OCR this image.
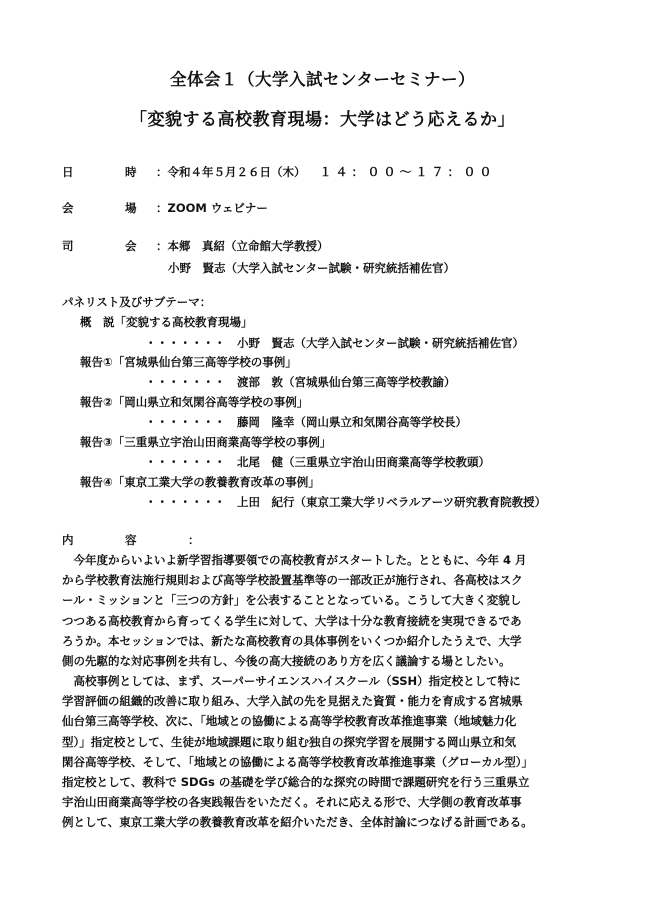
全体会１（大学入試センターセミナー）
「変貌する高校教育現場：大学はどう応えるか」
日　時：令和４年５月２６日（木） １４：００～１７：００
会　場：ZOOM ウェビナー
司　会：本郷　真紹（立命館大学教授）
小野　賢志（大学入試センター試験・研究統括補佐官）
パネリスト及びサブテーマ：
概　説「変貌する高校教育現場」
・・・・・・・　小野　賢志（大学入試センター試験・研究統括補佐官）
報告①「宮城県仙台第三高等学校の事例」
・・・・・・・　渡部　敦（宮城県仙台第三高等学校教諭）
報告②「岡山県立和気閑谷高等学校の事例」
・・・・・・・　藤岡　隆幸（岡山県立和気閑谷高等学校長）
報告③「三重県立宇治山田商業高等学校の事例」
・・・・・・・　北尾　健（三重県立宇治山田商業高等学校教頭）
報告④「東京工業大学の教養教育改革の事例」
・・・・・・・　上田　紀行（東京工業大学リベラルアーツ研究教育院教授）
内　容　：
　今年度からいよいよ新学習指導要領での高校教育がスタートした。とともに、今年 4 月
から学校教育法施行規則および高等学校設置基準等の一部改正が施行され、各高校はスク
ール・ミッションと「三つの方針」を公表することとなっている。こうして大きく変貌し
つつある高校教育から育ってくる学生に対して、大学は十分な教育接続を実現できるであ
ろうか。本セッションでは、新たな高校教育の具体事例をいくつか紹介したうえで、大学
側の先駆的な対応事例を共有し、今後の高大接続のあり方を広く議論する場としたい。
　高校事例としては、まず、スーパーサイエンスハイスクール（SSH）指定校として特に
学習評価の組織的改善に取り組み、大学入試の先を見据えた資質・能力を育成する宮城県
仙台第三高等学校、次に、「地域との協働による高等学校教育改革推進事業（地域魅力化
型）」指定校として、生徒が地域課題に取り組む独自の探究学習を展開する岡山県立和気
閑谷高等学校、そして、「地域との協働による高等学校教育改革推進事業（グローカル型）」
指定校として、教科で SDGs の基礎を学び総合的な探究の時間で課題研究を行う三重県立
宇治山田商業高等学校の各実践報告をいただく。それに応える形で、大学側の教育改革事
例として、東京工業大学の教養教育改革を紹介いただき、全体討論につなげる計画である。
